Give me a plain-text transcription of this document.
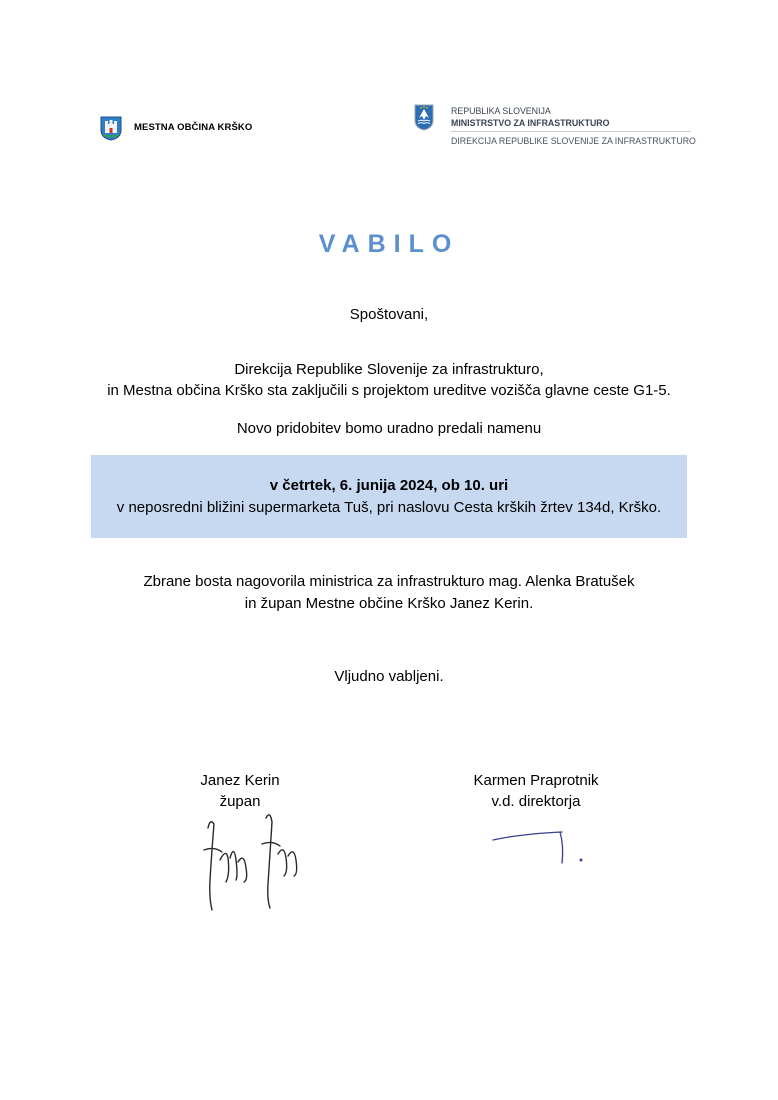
MESTNA OBČINA KRŠKO
REPUBLIKA SLOVENIJA
MINISTRSTVO ZA INFRASTRUKTURO
DIREKCIJA REPUBLIKE SLOVENIJE ZA INFRASTRUKTURO
VABILO
Spoštovani,
Direkcija Republike Slovenije za infrastrukturo,
in Mestna občina Krško sta zaključili s projektom ureditve vozišča glavne ceste G1-5.
Novo pridobitev bomo uradno predali namenu
v četrtek, 6. junija 2024, ob 10. uri
v neposredni bližini supermarketa Tuš, pri naslovu Cesta krških žrtev 134d, Krško.
Zbrane bosta nagovorila ministrica za infrastrukturo mag. Alenka Bratušek
in župan Mestne občine Krško Janez Kerin.
Vljudno vabljeni.
Janez Kerin
župan
Karmen Praprotnik
v.d. direktorja
